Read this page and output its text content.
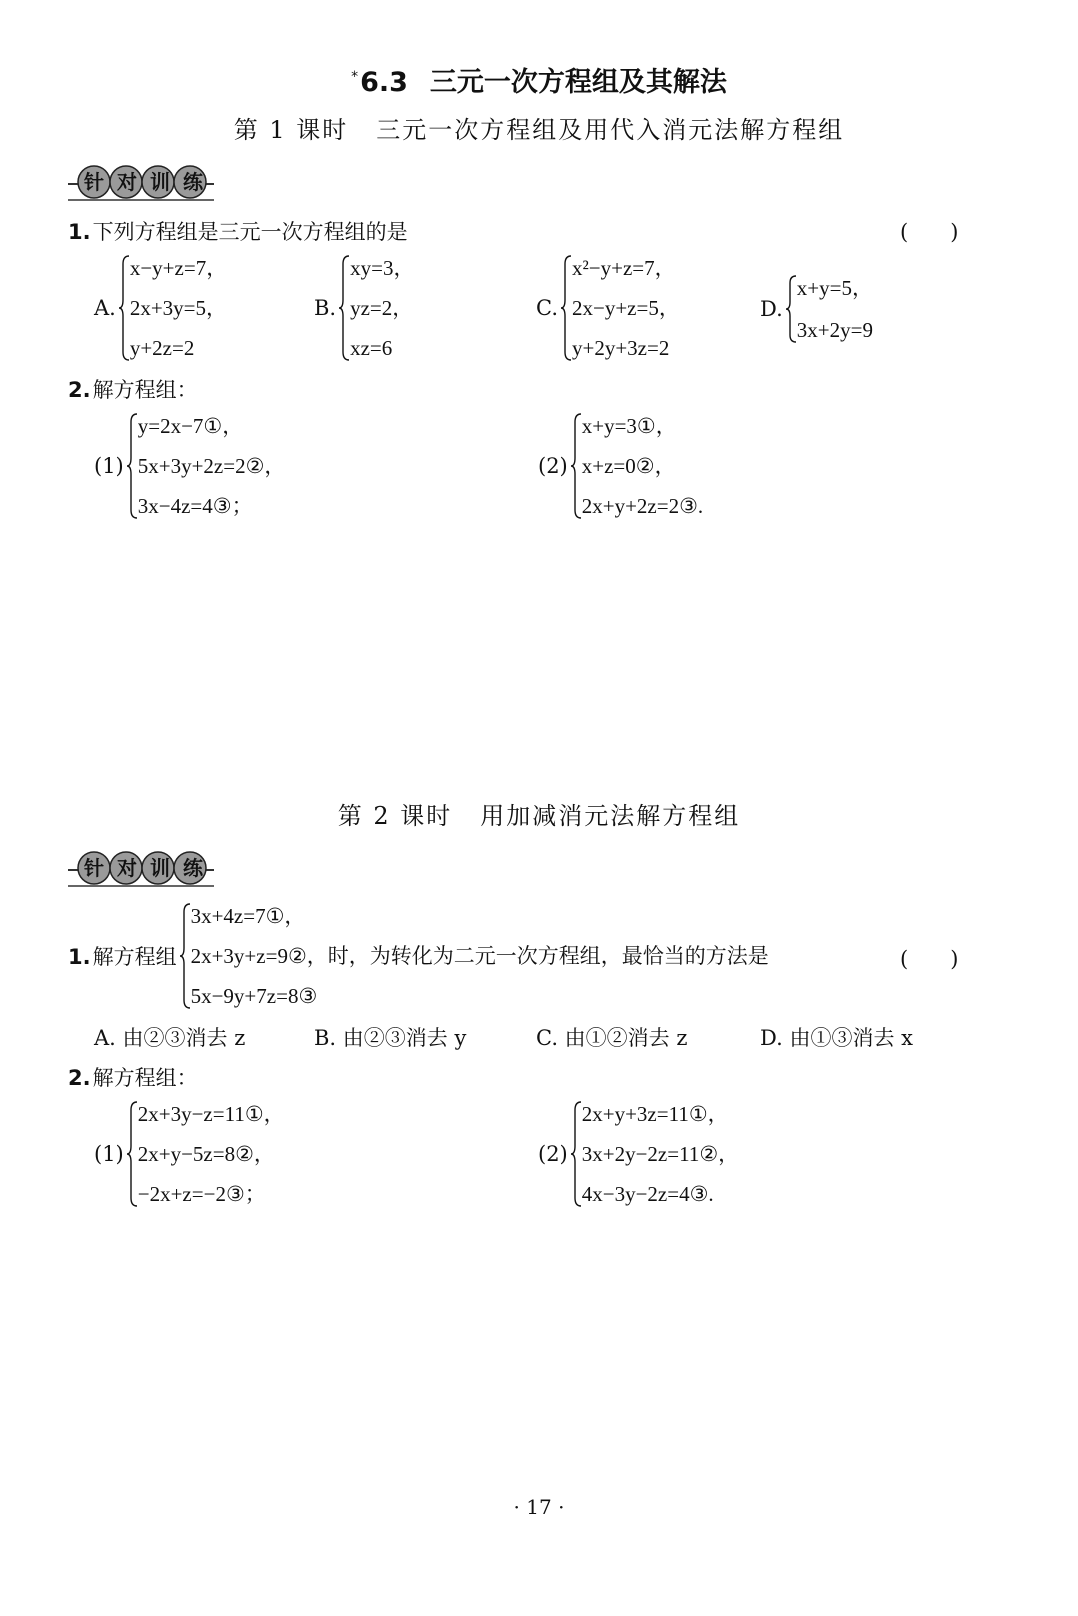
*6.3 三元一次方程组及其解法
第 1 课时 三元一次方程组及用代入消元法解方程组
针对训练
1.下列方程组是三元一次方程组的是	(　　)
A.
x−y+z=7，
2x+3y=5，
y+2z=2
B.
xy=3，
yz=2，
xz=6
C.
x²−y+z=7，
2x−y+z=5，
y+2y+3z=2
D.
x+y=5，
3x+2y=9
2.解方程组：
(1)
y=2x−7①，
5x+3y+2z=2②，
3x−4z=4③；
(2)
x+y=3①，
x+z=0②，
2x+y+2z=2③.
第 2 课时 用加减消元法解方程组
针对训练
1.解方程组
3x+4z=7①，
2x+3y+z=9②，时，为转化为二元一次方程组，最恰当的方法是
5x−9y+7z=8③
(　　)
A. 由②③消去 z	B. 由②③消去 y	C. 由①②消去 z	D. 由①③消去 x
2.解方程组：
(1)
2x+3y−z=11①，
2x+y−5z=8②，
−2x+z=−2③；
(2)
2x+y+3z=11①，
3x+2y−2z=11②，
4x−3y−2z=4③.
· 17 ·
